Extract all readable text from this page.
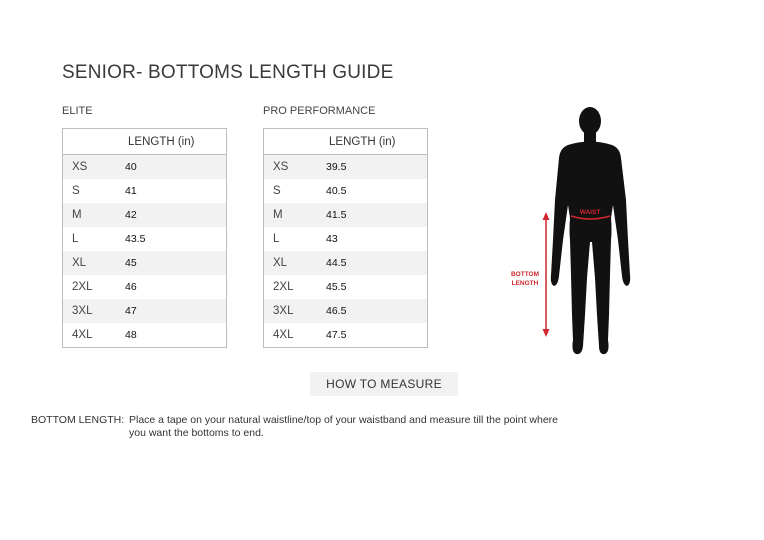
SENIOR- BOTTOMS LENGTH GUIDE
ELITE
LENGTH (in)
XS	40
S	41
M	42
L	43.5
XL	45
2XL	46
3XL	47
4XL	48
PRO PERFORMANCE
LENGTH (in)
XS	39.5
S	40.5
M	41.5
L	43
XL	44.5
2XL	45.5
3XL	46.5
4XL	47.5
WAIST
BOTTOM
LENGTH
HOW TO MEASURE
BOTTOM LENGTH: Place a tape on your natural waistline/top of your waistband and measure till the point where you want the bottoms to end.
